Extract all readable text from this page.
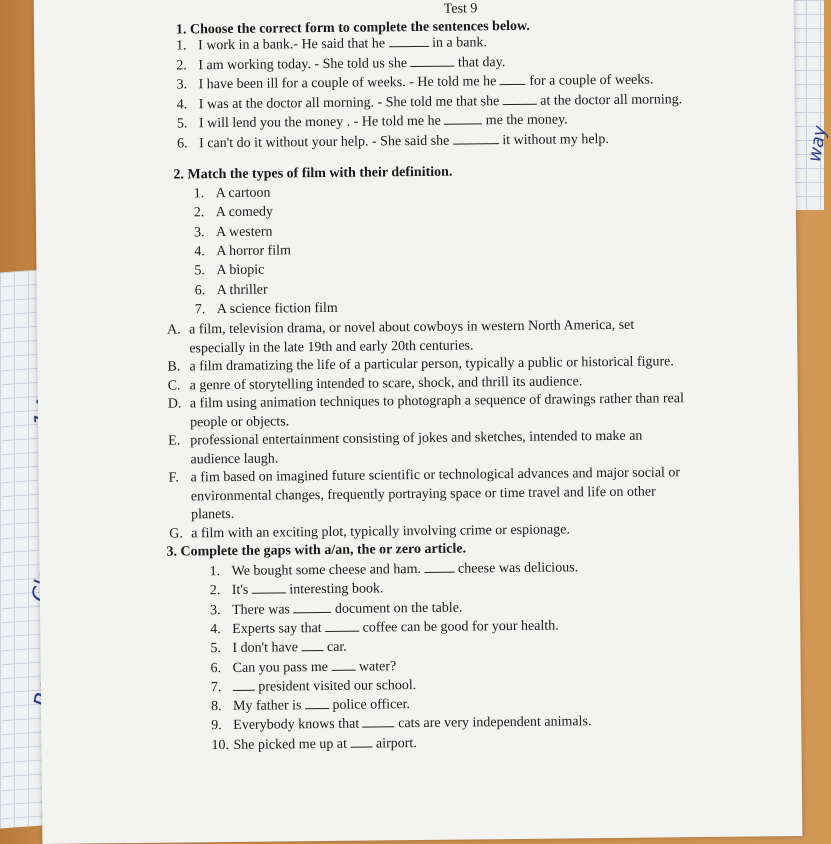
way
Test 9
1. Choose the correct form to complete the sentences below.
1. I work in a bank.- He said that he	in a bank.
2. I am working today. - She told us she	that day.
3. I have been ill for a couple of weeks. - He told me he  for a couple of weeks.
4. I was at the doctor all morning. - She told me that she  at the doctor all morning.
5. I will lend you the money . - He told me he	me the money.
6. I can't do it without your help. - She said she	it without my help.
2. Match the types of film with their definition.
1. A cartoon
2. A comedy
3. A western
4. A horror film
5. A biopic
6. A thriller
7. A science fiction film
A. a film, television drama, or novel about cowboys in western North America, set
especially in the late 19th and early 20th centuries.
B. a film dramatizing the life of a particular person, typically a public or historical figure.
C. a genre of storytelling intended to scare, shock, and thrill its audience.
D. a film using animation techniques to photograph a sequence of drawings rather than real
people or objects.
E. professional entertainment consisting of jokes and sketches, intended to make an
audience laugh.
F. a fim based on imagined future scientific or technological advances and major social or
environmental changes, frequently portraying space or time travel and life on other
planets.
G. a film with an exciting plot, typically involving crime or espionage.
3. Complete the gaps with a/an, the or zero article.
1. We bought some cheese and ham.  cheese was delicious.
2. It's  interesting book.
3. There was	document on the table.
4. Experts say that  coffee can be good for your health.
5. I don't have  car.
6. Can you pass me  water?
7. president visited our school.
8. My father is  police officer.
9. Everybody knows that  cats are very independent animals.
10. She picked me up at  airport.
